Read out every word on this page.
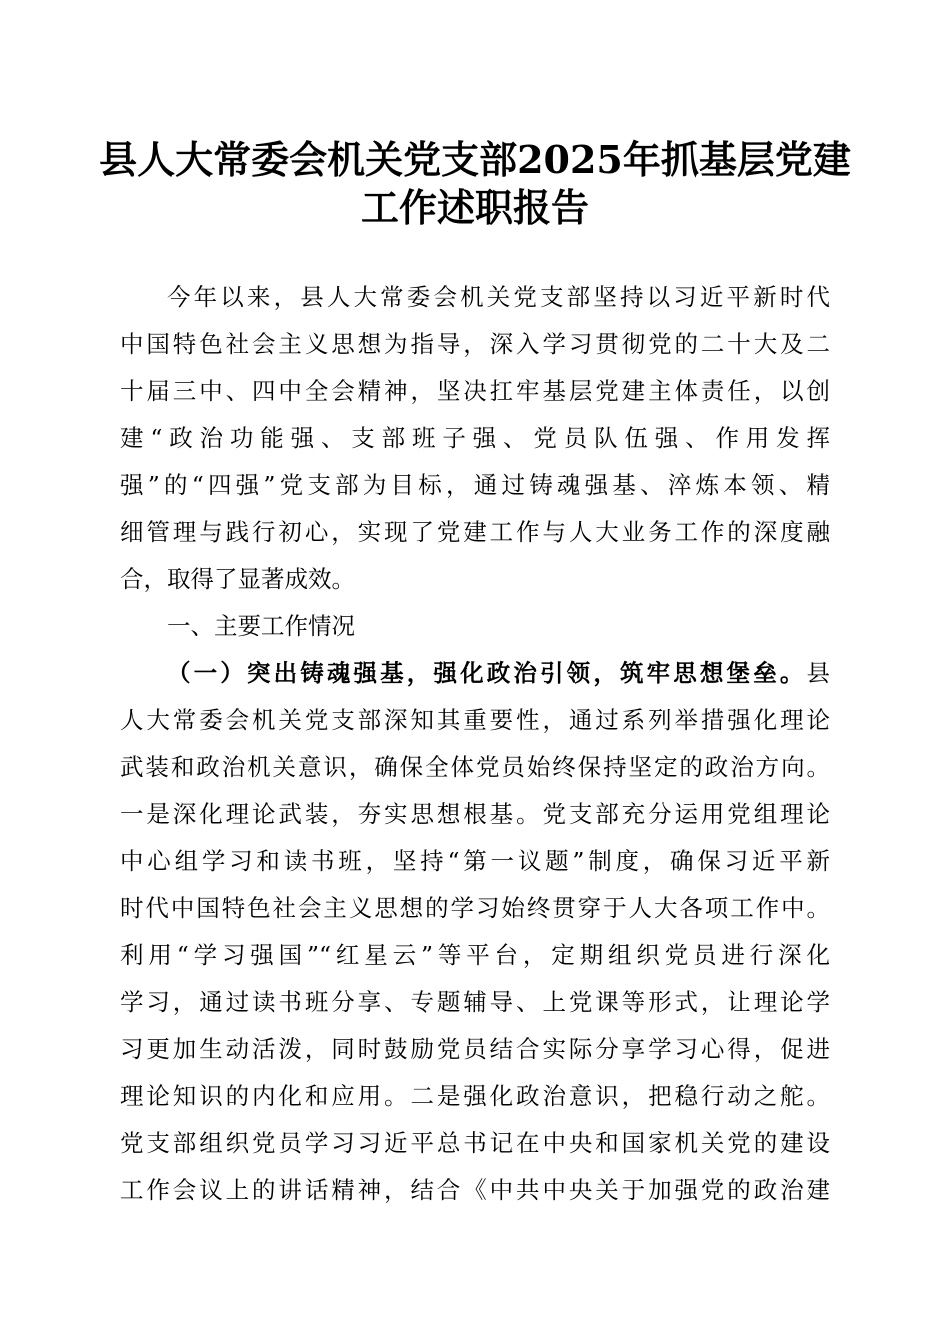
县人大常委会机关党支部2025年抓基层党建
工作述职报告
今年以来，县人大常委会机关党支部坚持以习近平新时代
中国特色社会主义思想为指导，深入学习贯彻党的二十大及二
十届三中、四中全会精神，坚决扛牢基层党建主体责任，以创
建“政治功能强、支部班子强、党员队伍强、作用发挥
强”的“四强”党支部为目标，通过铸魂强基、淬炼本领、精
细管理与践行初心，实现了党建工作与人大业务工作的深度融
合，取得了显著成效。
一、主要工作情况
（一）突出铸魂强基，强化政治引领，筑牢思想堡垒。县
人大常委会机关党支部深知其重要性，通过系列举措强化理论
武装和政治机关意识，确保全体党员始终保持坚定的政治方向。
一是深化理论武装，夯实思想根基。党支部充分运用党组理论
中心组学习和读书班，坚持“第一议题”制度，确保习近平新
时代中国特色社会主义思想的学习始终贯穿于人大各项工作中。
利用“学习强国”“红星云”等平台，定期组织党员进行深化
学习，通过读书班分享、专题辅导、上党课等形式，让理论学
习更加生动活泼，同时鼓励党员结合实际分享学习心得，促进
理论知识的内化和应用。二是强化政治意识，把稳行动之舵。
党支部组织党员学习习近平总书记在中央和国家机关党的建设
工作会议上的讲话精神，结合《中共中央关于加强党的政治建
